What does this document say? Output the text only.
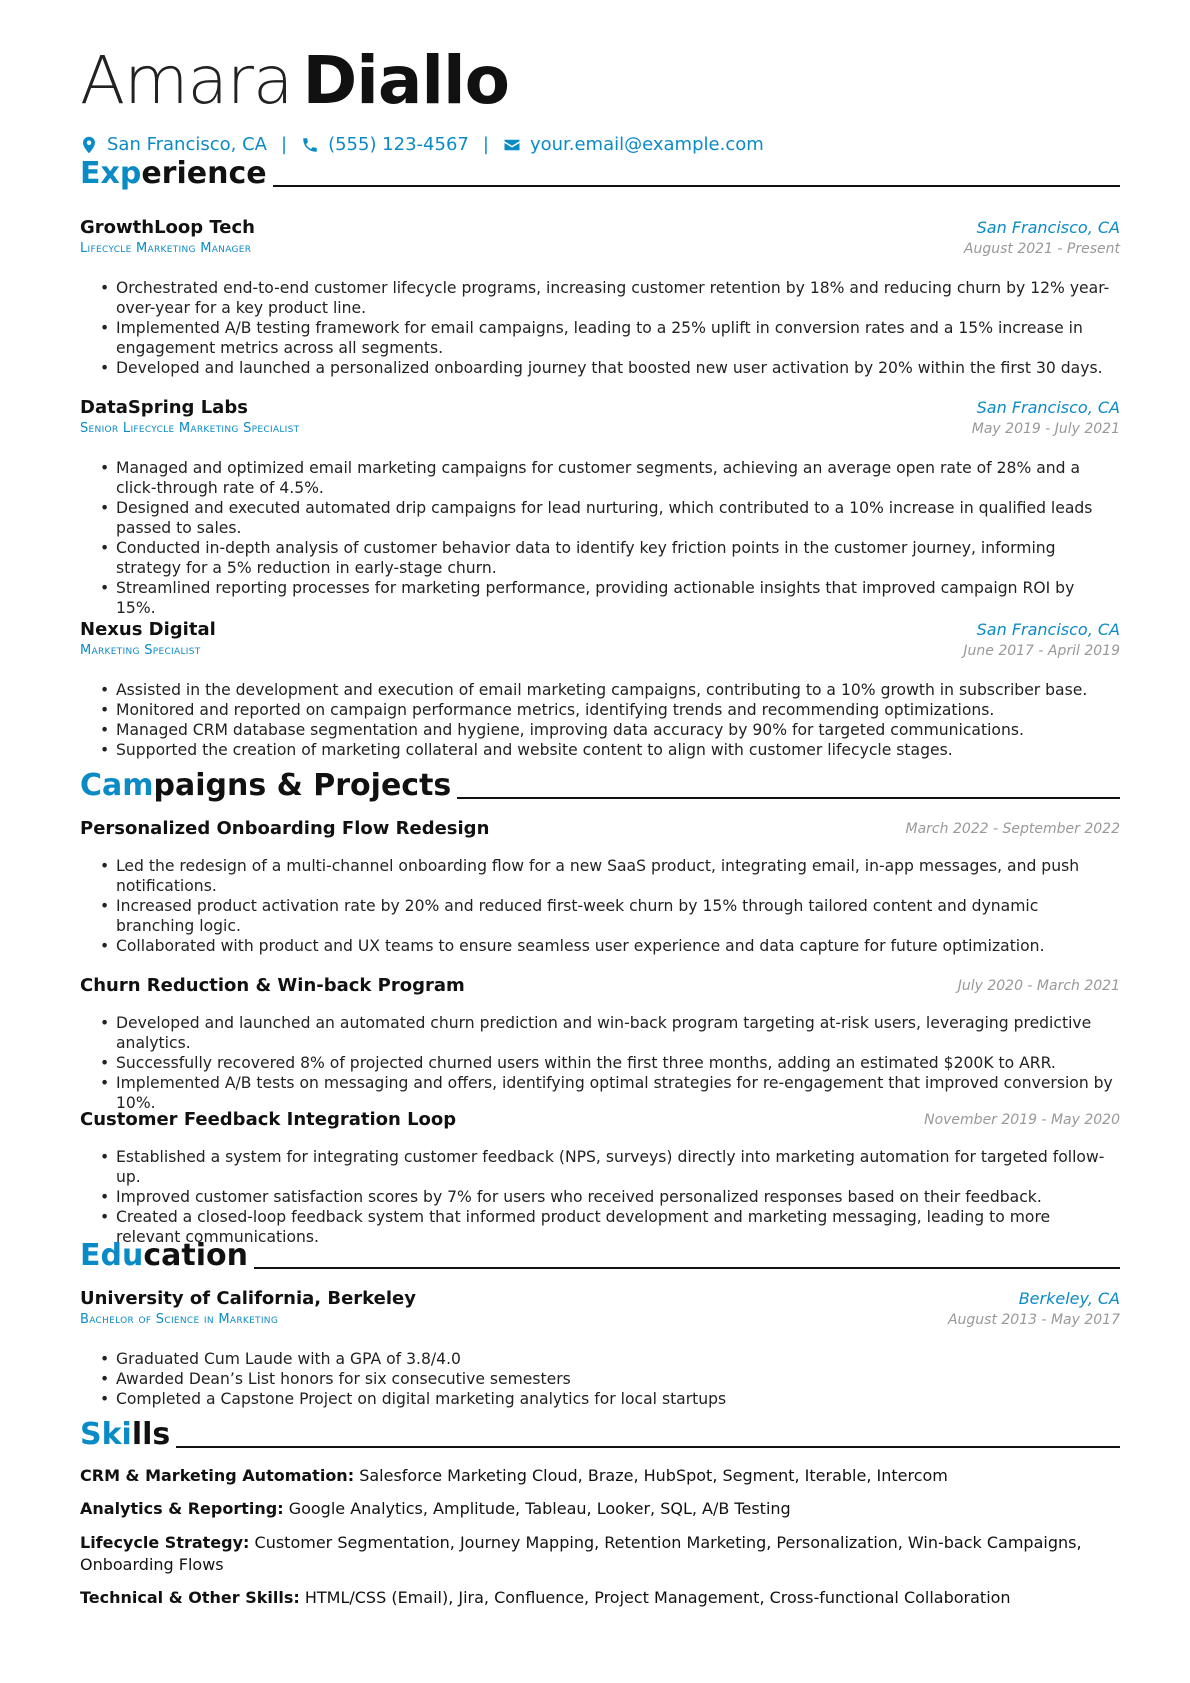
Amara Diallo
San Francisco, CA | (555) 123-4567 | your.email@example.com
Experience
GrowthLoop Tech	San Francisco, CA
Lifecycle Marketing Manager	August 2021 - Present
• Orchestrated end-to-end customer lifecycle programs, increasing customer retention by 18% and reducing churn by 12% year-over-year for a key product line.
• Implemented A/B testing framework for email campaigns, leading to a 25% uplift in conversion rates and a 15% increase in engagement metrics across all segments.
• Developed and launched a personalized onboarding journey that boosted new user activation by 20% within the first 30 days.
DataSpring Labs	San Francisco, CA
Senior Lifecycle Marketing Specialist	May 2019 - July 2021
• Managed and optimized email marketing campaigns for customer segments, achieving an average open rate of 28% and a click-through rate of 4.5%.
• Designed and executed automated drip campaigns for lead nurturing, which contributed to a 10% increase in qualified leads passed to sales.
• Conducted in-depth analysis of customer behavior data to identify key friction points in the customer journey, informing strategy for a 5% reduction in early-stage churn.
• Streamlined reporting processes for marketing performance, providing actionable insights that improved campaign ROI by 15%.
Nexus Digital	San Francisco, CA
Marketing Specialist	June 2017 - April 2019
• Assisted in the development and execution of email marketing campaigns, contributing to a 10% growth in subscriber base.
• Monitored and reported on campaign performance metrics, identifying trends and recommending optimizations.
• Managed CRM database segmentation and hygiene, improving data accuracy by 90% for targeted communications.
• Supported the creation of marketing collateral and website content to align with customer lifecycle stages.
Campaigns & Projects
Personalized Onboarding Flow Redesign	March 2022 - September 2022
• Led the redesign of a multi-channel onboarding flow for a new SaaS product, integrating email, in-app messages, and push notifications.
• Increased product activation rate by 20% and reduced first-week churn by 15% through tailored content and dynamic branching logic.
• Collaborated with product and UX teams to ensure seamless user experience and data capture for future optimization.
Churn Reduction & Win-back Program	July 2020 - March 2021
• Developed and launched an automated churn prediction and win-back program targeting at-risk users, leveraging predictive analytics.
• Successfully recovered 8% of projected churned users within the first three months, adding an estimated $200K to ARR.
• Implemented A/B tests on messaging and offers, identifying optimal strategies for re-engagement that improved conversion by 10%.
Customer Feedback Integration Loop	November 2019 - May 2020
• Established a system for integrating customer feedback (NPS, surveys) directly into marketing automation for targeted follow-up.
• Improved customer satisfaction scores by 7% for users who received personalized responses based on their feedback.
• Created a closed-loop feedback system that informed product development and marketing messaging, leading to more relevant communications.
Education
University of California, Berkeley	Berkeley, CA
Bachelor of Science in Marketing	August 2013 - May 2017
• Graduated Cum Laude with a GPA of 3.8/4.0
• Awarded Dean’s List honors for six consecutive semesters
• Completed a Capstone Project on digital marketing analytics for local startups
Skills
CRM & Marketing Automation: Salesforce Marketing Cloud, Braze, HubSpot, Segment, Iterable, Intercom
Analytics & Reporting: Google Analytics, Amplitude, Tableau, Looker, SQL, A/B Testing
Lifecycle Strategy: Customer Segmentation, Journey Mapping, Retention Marketing, Personalization, Win-back Campaigns, Onboarding Flows
Technical & Other Skills: HTML/CSS (Email), Jira, Confluence, Project Management, Cross-functional Collaboration
